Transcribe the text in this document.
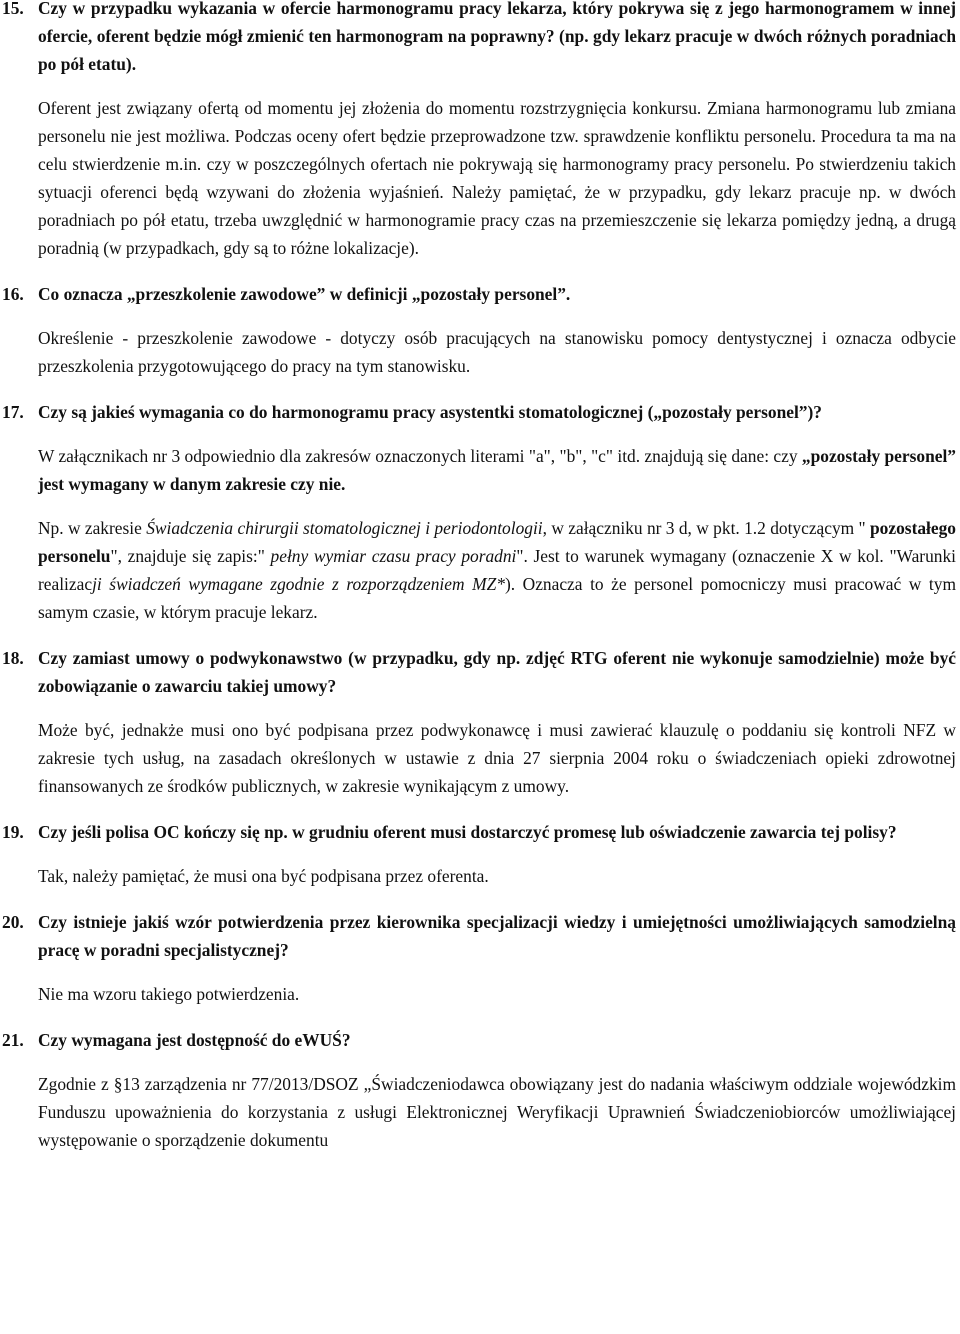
15. Czy w przypadku wykazania w ofercie harmonogramu pracy lekarza, który pokrywa się z jego harmonogramem w innej ofercie, oferent będzie mógł zmienić ten harmonogram na poprawny? (np. gdy lekarz pracuje w dwóch różnych poradniach po pół etatu).

Oferent jest związany ofertą od momentu jej złożenia do momentu rozstrzygnięcia konkursu. Zmiana harmonogramu lub zmiana personelu nie jest możliwa. Podczas oceny ofert będzie przeprowadzone tzw. sprawdzenie konfliktu personelu. Procedura ta ma na celu stwierdzenie m.in. czy w poszczególnych ofertach nie pokrywają się harmonogramy pracy personelu. Po stwierdzeniu takich sytuacji oferenci będą wzywani do złożenia wyjaśnień. Należy pamiętać, że w przypadku, gdy lekarz pracuje np. w dwóch poradniach po pół etatu, trzeba uwzględnić w harmonogramie pracy czas na przemieszczenie się lekarza pomiędzy jedną, a drugą poradnią (w przypadkach, gdy są to różne lokalizacje).

16. Co oznacza „przeszkolenie zawodowe” w definicji „pozostały personel”.

Określenie - przeszkolenie zawodowe - dotyczy osób pracujących na stanowisku pomocy dentystycznej i oznacza odbycie przeszkolenia przygotowującego do pracy na tym stanowisku.

17. Czy są jakieś wymagania co do harmonogramu pracy asystentki stomatologicznej („pozostały personel”)?

W załącznikach nr 3 odpowiednio dla zakresów oznaczonych literami "a", "b", "c" itd. znajdują się dane: czy „pozostały personel” jest wymagany w danym zakresie czy nie.

Np. w zakresie Świadczenia chirurgii stomatologicznej i periodontologii, w załączniku nr 3 d, w pkt. 1.2 dotyczącym " pozostałego personelu", znajduje się zapis:" pełny wymiar czasu pracy poradni". Jest to warunek wymagany (oznaczenie X w kol. "Warunki realizacji świadczeń wymagane zgodnie z rozporządzeniem MZ*). Oznacza to że personel pomocniczy musi pracować w tym samym czasie, w którym pracuje lekarz.

18. Czy zamiast umowy o podwykonawstwo (w przypadku, gdy np. zdjęć RTG oferent nie wykonuje samodzielnie) może być zobowiązanie o zawarciu takiej umowy?

Może być, jednakże musi ono być podpisana przez podwykonawcę i musi zawierać klauzulę o poddaniu się kontroli NFZ w zakresie tych usług, na zasadach określonych w ustawie z dnia 27 sierpnia 2004 roku o świadczeniach opieki zdrowotnej finansowanych ze środków publicznych, w zakresie wynikającym z umowy.

19. Czy jeśli polisa OC kończy się np. w grudniu oferent musi dostarczyć promesę lub oświadczenie zawarcia tej polisy?

Tak, należy pamiętać, że musi ona być podpisana przez oferenta.

20. Czy istnieje jakiś wzór potwierdzenia przez kierownika specjalizacji wiedzy i umiejętności umożliwiających samodzielną pracę w poradni specjalistycznej?

Nie ma wzoru takiego potwierdzenia.

21. Czy wymagana jest dostępność do eWUŚ?

Zgodnie z §13 zarządzenia nr 77/2013/DSOZ „Świadczeniodawca obowiązany jest do nadania właściwym oddziale wojewódzkim Funduszu upoważnienia do korzystania z usługi Elektronicznej Weryfikacji Uprawnień Świadczeniobiorców umożliwiającej występowanie o sporządzenie dokumentu
